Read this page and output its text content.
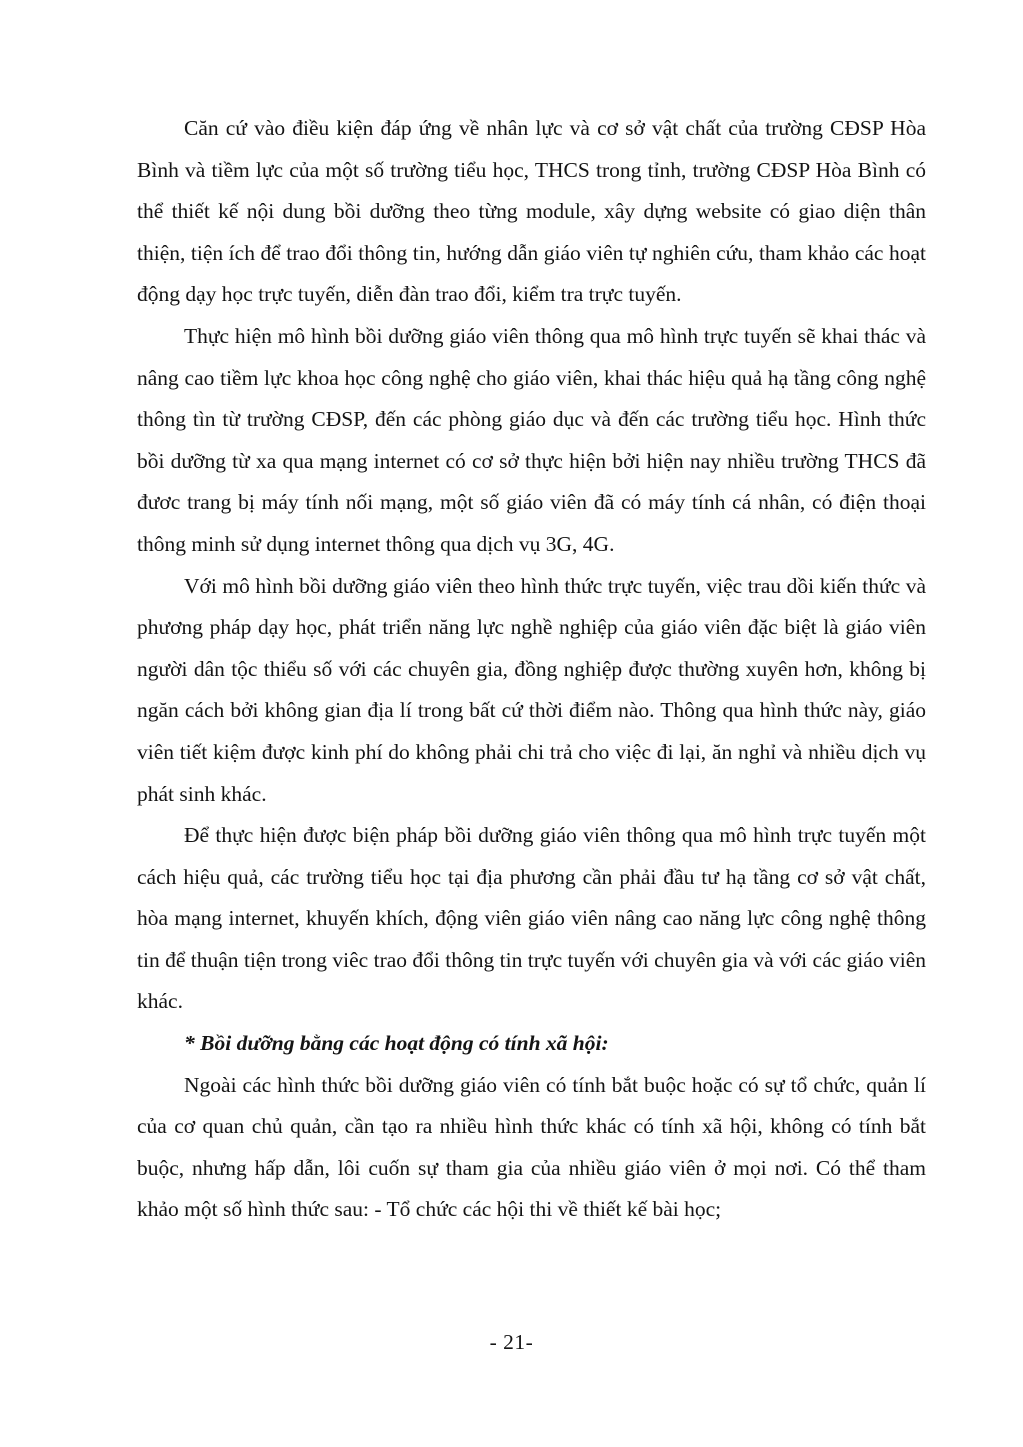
Căn cứ vào điều kiện đáp ứng về nhân lực và cơ sở vật chất của trường CĐSP Hòa Bình và tiềm lực của một số trường tiểu học, THCS trong tỉnh, trường CĐSP Hòa Bình có thể thiết kế nội dung bồi dưỡng theo từng module, xây dựng website có giao diện thân thiện, tiện ích để trao đổi thông tin, hướng dẫn giáo viên tự nghiên cứu, tham khảo các hoạt động dạy học trực tuyến, diễn đàn trao đổi, kiểm tra trực tuyến.

Thực hiện mô hình bồi dưỡng giáo viên thông qua mô hình trực tuyến sẽ khai thác và nâng cao tiềm lực khoa học công nghệ cho giáo viên, khai thác hiệu quả hạ tầng công nghệ thông tìn từ trường CĐSP, đến các phòng giáo dục và đến các trường tiểu học. Hình thức bồi dưỡng từ xa qua mạng internet có cơ sở thực hiện bởi hiện nay nhiều trường THCS đã đươc trang bị máy tính nối mạng, một số giáo viên đã có máy tính cá nhân, có điện thoại thông minh sử dụng internet thông qua dịch vụ 3G, 4G.

Với mô hình bồi dưỡng giáo viên theo hình thức trực tuyến, việc trau dồi kiến thức và phương pháp dạy học, phát triển năng lực nghề nghiệp của giáo viên đặc biệt là giáo viên người dân tộc thiểu số với các chuyên gia, đồng nghiệp được thường xuyên hơn, không bị ngăn cách bởi không gian địa lí trong bất cứ thời điểm nào. Thông qua hình thức này, giáo viên tiết kiệm được kinh phí do không phải chi trả cho việc đi lại, ăn nghỉ và nhiều dịch vụ phát sinh khác.

Để thực hiện được biện pháp bồi dưỡng giáo viên thông qua mô hình trực tuyến một cách hiệu quả, các trường tiểu học tại địa phương cần phải đầu tư hạ tầng cơ sở vật chất, hòa mạng internet, khuyến khích, động viên giáo viên nâng cao năng lực công nghệ thông tin để thuận tiện trong viêc trao đổi thông tin trực tuyến với chuyên gia và với các giáo viên khác.

* Bồi dưỡng bằng các hoạt động có tính xã hội:

Ngoài các hình thức bồi dưỡng giáo viên có tính bắt buộc hoặc có sự tổ chức, quản lí của cơ quan chủ quản, cần tạo ra nhiều hình thức khác có tính xã hội, không có tính bắt buộc, nhưng hấp dẫn, lôi cuốn sự tham gia của nhiều giáo viên ở mọi nơi. Có thể tham khảo một số hình thức sau: - Tổ chức các hội thi về thiết kế bài học;

- 21-
